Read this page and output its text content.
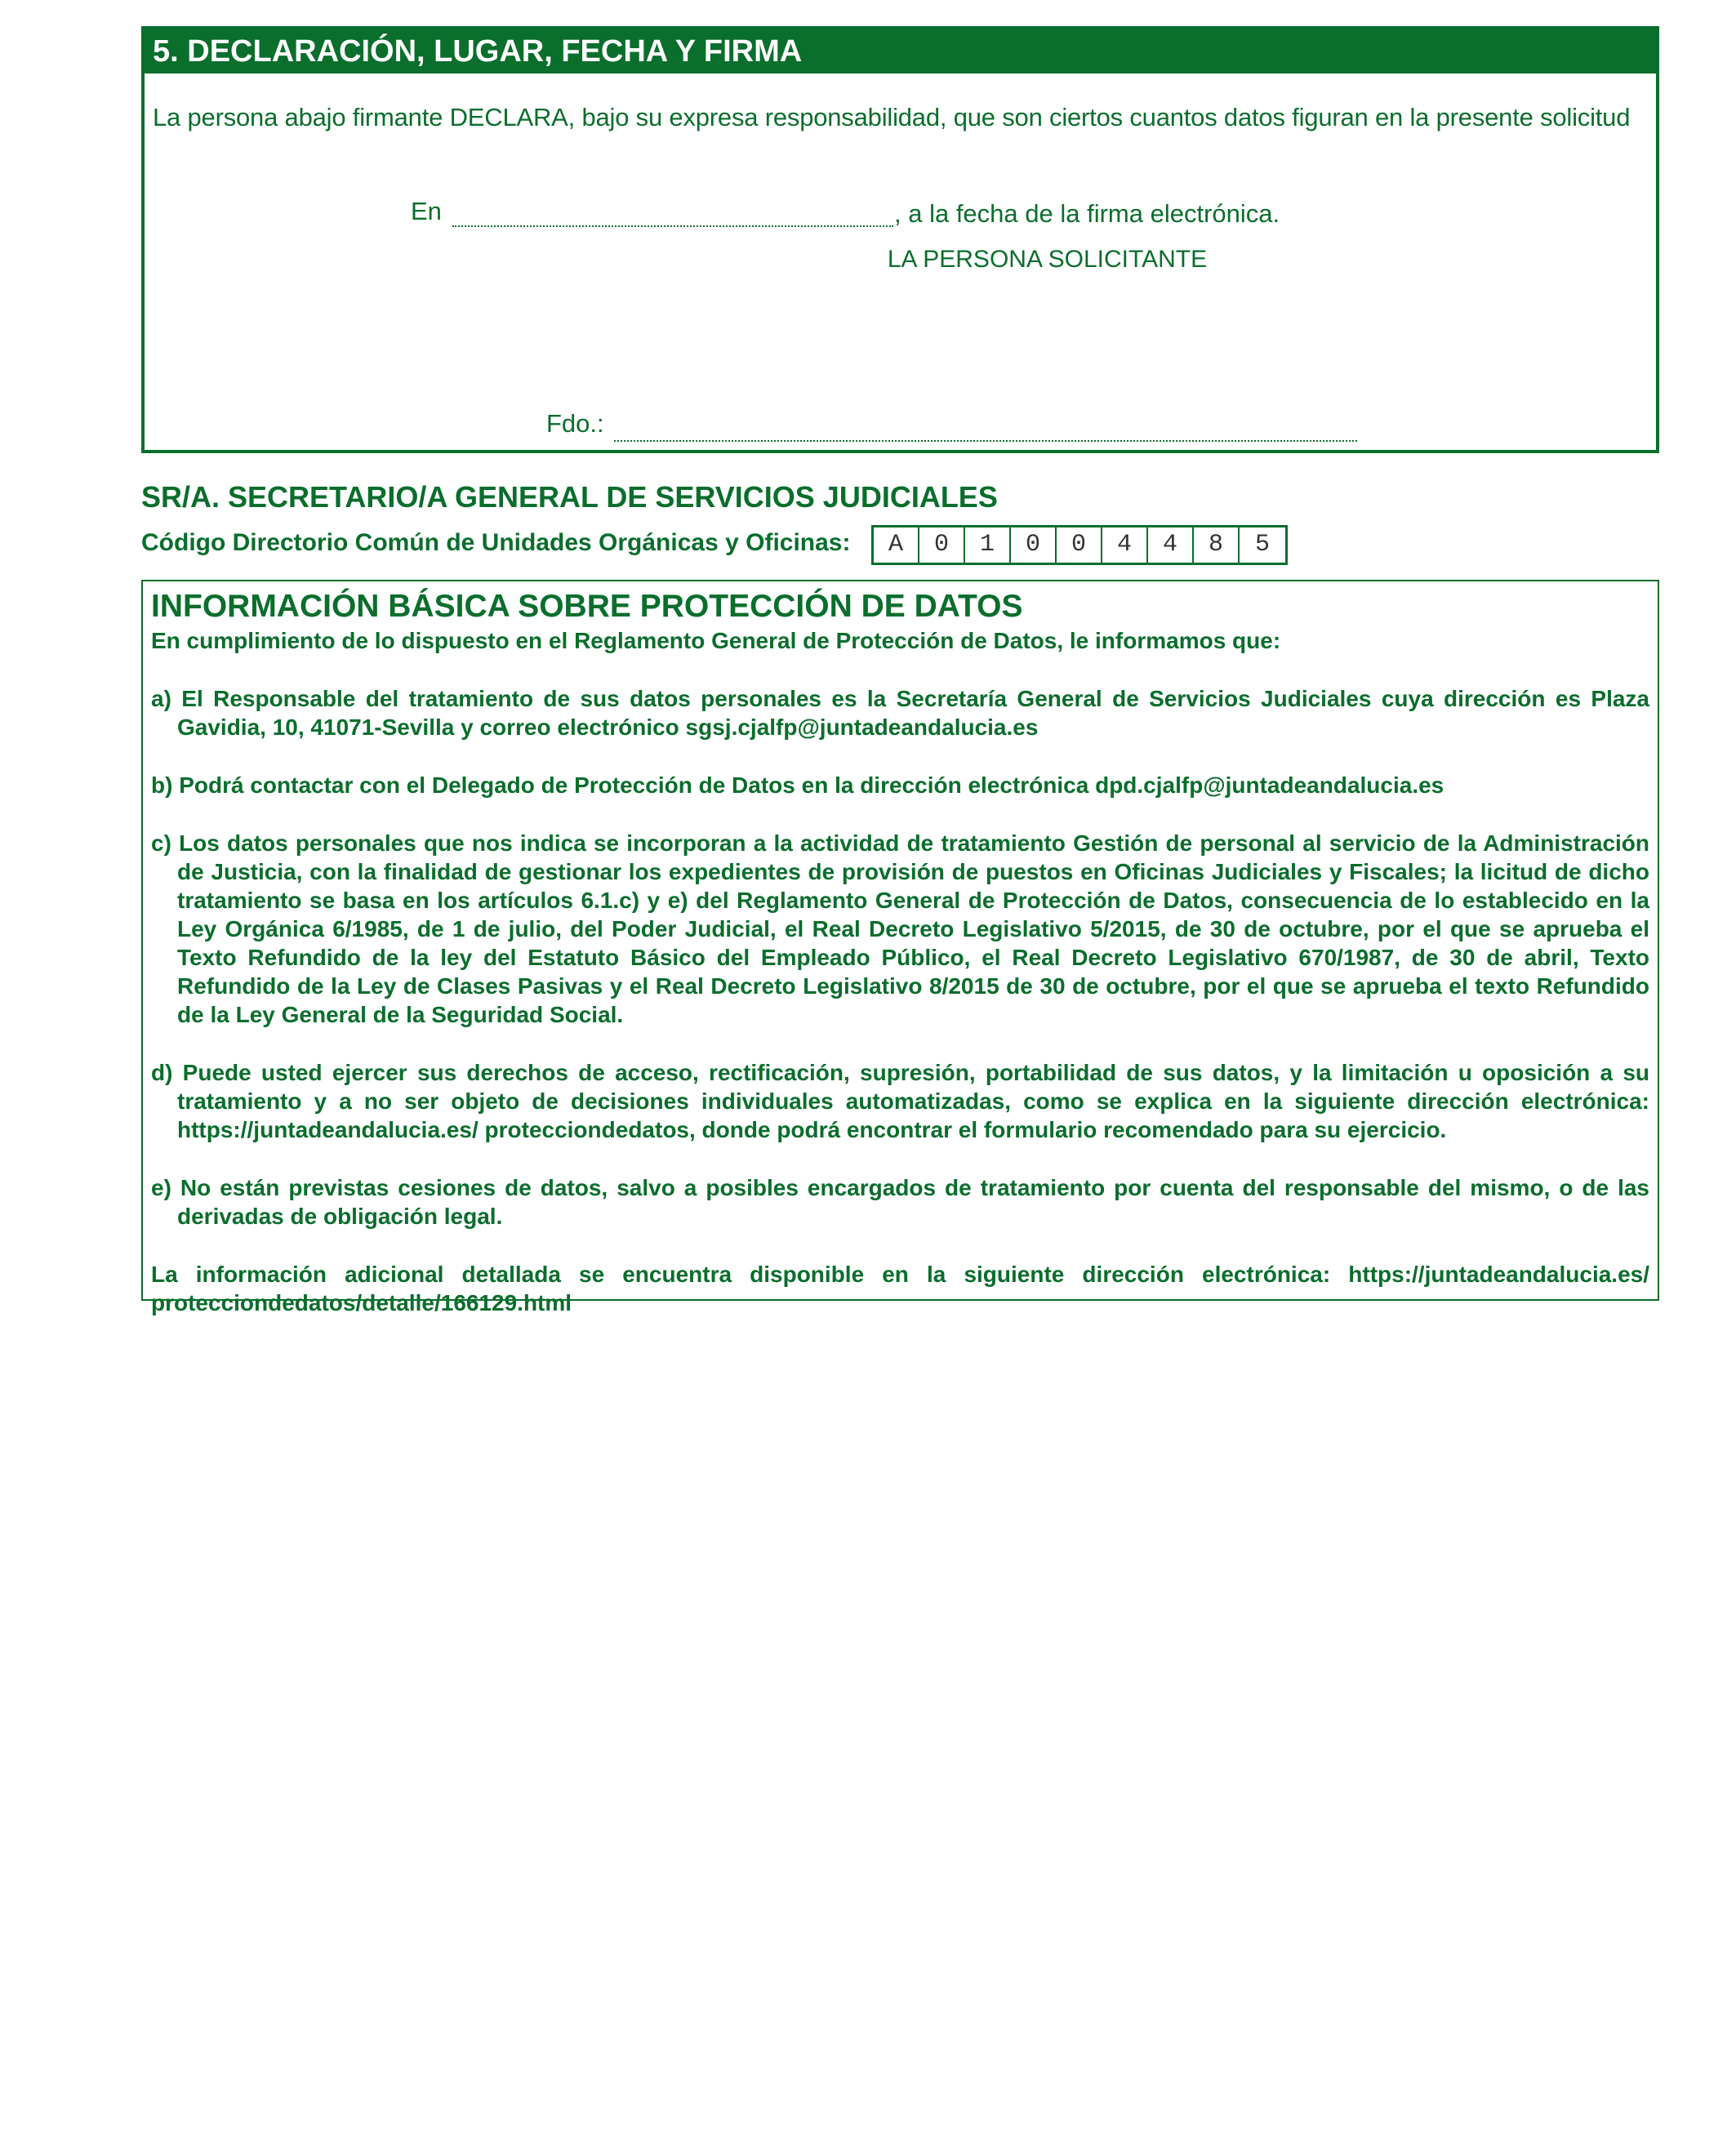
5. DECLARACIÓN, LUGAR, FECHA Y FIRMA
La persona abajo firmante DECLARA, bajo su expresa responsabilidad, que son ciertos cuantos datos figuran en la presente solicitud
En	, a la fecha de la firma electrónica.
LA PERSONA SOLICITANTE
Fdo.:
SR/A. SECRETARIO/A GENERAL DE SERVICIOS JUDICIALES
Código Directorio Común de Unidades Orgánicas y Oficinas:	A	0	1	0	0	4	4	8	5
INFORMACIÓN BÁSICA SOBRE PROTECCIÓN DE DATOS
En cumplimiento de lo dispuesto en el Reglamento General de Protección de Datos, le informamos que:
a) El Responsable del tratamiento de sus datos personales es la Secretaría General de Servicios Judiciales cuya dirección es Plaza Gavidia, 10, 41071-Sevilla y correo electrónico sgsj.cjalfp@juntadeandalucia.es
b) Podrá contactar con el Delegado de Protección de Datos en la dirección electrónica dpd.cjalfp@juntadeandalucia.es
c) Los datos personales que nos indica se incorporan a la actividad de tratamiento Gestión de personal al servicio de la Administración de Justicia, con la finalidad de gestionar los expedientes de provisión de puestos en Oficinas Judiciales y Fiscales; la licitud de dicho tratamiento se basa en los artículos 6.1.c) y e) del Reglamento General de Protección de Datos, consecuencia de lo establecido en la Ley Orgánica 6/1985, de 1 de julio, del Poder Judicial, el Real Decreto Legislativo 5/2015, de 30 de octubre, por el que se aprueba el Texto Refundido de la ley del Estatuto Básico del Empleado Público, el Real Decreto Legislativo 670/1987, de 30 de abril, Texto Refundido de la Ley de Clases Pasivas y el Real Decreto Legislativo 8/2015 de 30 de octubre, por el que se aprueba el texto Refundido de la Ley General de la Seguridad Social.
d) Puede usted ejercer sus derechos de acceso, rectificación, supresión, portabilidad de sus datos, y la limitación u oposición a su tratamiento y a no ser objeto de decisiones individuales automatizadas, como se explica en la siguiente dirección electrónica: https://juntadeandalucia.es/ protecciondedatos, donde podrá encontrar el formulario recomendado para su ejercicio.
e) No están previstas cesiones de datos, salvo a posibles encargados de tratamiento por cuenta del responsable del mismo, o de las derivadas de obligación legal.
La información adicional detallada se encuentra disponible en la siguiente dirección electrónica: https://juntadeandalucia.es/
protecciondedatos/detalle/166129.html
